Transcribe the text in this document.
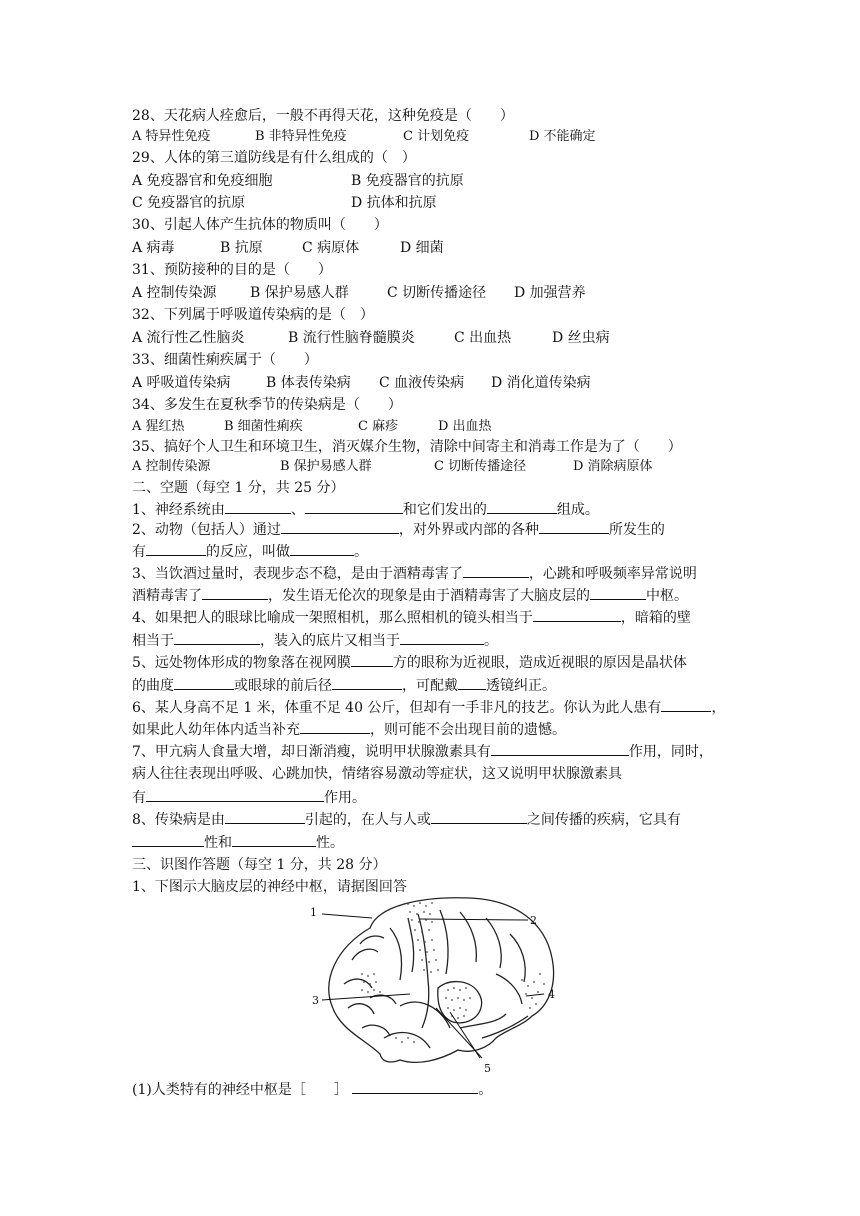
28、天花病人痊愈后，一般不再得天花，这种免疫是（　　）
A 特异性免疫	B 非特异性免疫	C 计划免疫	D 不能确定
29、人体的第三道防线是有什么组成的（　）
A 免疫器官和免疫细胞	B 免疫器官的抗原
C 免疫器官的抗原	D 抗体和抗原
30、引起人体产生抗体的物质叫（　　）
A 病毒	B 抗原	C 病原体	D 细菌
31、预防接种的目的是（　　）
A 控制传染源 B 保护易感人群	C 切断传播途径 D 加强营养
32、下列属于呼吸道传染病的是（　）
A 流行性乙性脑炎	B 流行性脑脊髓膜炎	C 出血热	D 丝虫病
33、细菌性痢疾属于（　　）
A 呼吸道传染病	B 体表传染病 C 血液传染病 D 消化道传染病
34、多发生在夏秋季节的传染病是（　　）
A 猩红热	B 细菌性痢疾	C 麻疹	D 出血热
35、搞好个人卫生和环境卫生，消灭媒介生物，清除中间寄主和消毒工作是为了（　　）
A 控制传染源	B 保护易感人群	C 切断传播途径	D 消除病原体
二、空题（每空 1 分，共 25 分）
1、神经系统由	、	和它们发出的	组成。
2、动物（包括人）通过	，对外界或内部的各种	所发生的
有	的反应，叫做	。
3、当饮酒过量时，表现步态不稳，是由于酒精毒害了	，心跳和呼吸频率异常说明
酒精毒害了	，发生语无伦次的现象是由于酒精毒害了大脑皮层的	中枢。
4、如果把人的眼球比喻成一架照相机，那么照相机的镜头相当于	，暗箱的壁
相当于	，装入的底片又相当于	。
5、远处物体形成的物象落在视网膜	方的眼称为近视眼，造成近视眼的原因是晶状体
的曲度	或眼球的前后径	，可配戴 透镜纠正。
6、某人身高不足 1 米，体重不足 40 公斤，但却有一手非凡的技艺。你认为此人患有	，
如果此人幼年体内适当补充	，则可能不会出现目前的遗憾。
7、甲亢病人食量大增，却日渐消瘦，说明甲状腺激素具有	作用，同时，
病人往往表现出呼吸、心跳加快，情绪容易激动等症状，这又说明甲状腺激素具
有	作用。
8、传染病是由	引起的，在人与人或	之间传播的疾病，它具有
性和	性。
三、识图作答题（每空 1 分，共 28 分）
1、下图示大脑皮层的神经中枢，请据图回答
1
2
3	4
5
(1)人类特有的神经中枢是［　　］	。
